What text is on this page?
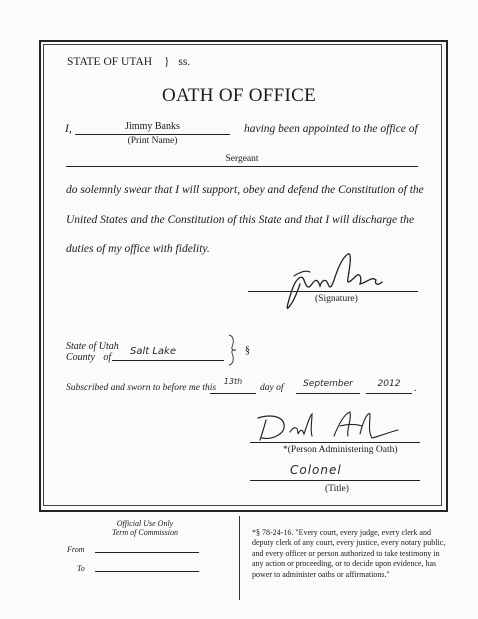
STATE OF UTAH } ss.
OATH OF OFFICE
I,	Jimmy Banks
(Print Name)
having been appointed to the office of
Sergeant
do solemnly swear that I will support, obey and defend the Constitution of the
United States and the Constitution of this State and that I will discharge the
duties of my office with fidelity.
(Signature)
State of Utah
County of
Salt Lake	§
Subscribed and sworn to before me this
13th
day of	September	2012	.
*(Person Administering Oath)
Colonel
(Title)
Official Use Only
Term of Commission
From
To
*§ 78-24-16. "Every court, every judge, every clerk and
deputy clerk of any court, every justice, every notary public,
and every officer or person authorized to take testimony in
any action or proceeding, or to decide upon evidence, has
power to administer oaths or affirmations."
